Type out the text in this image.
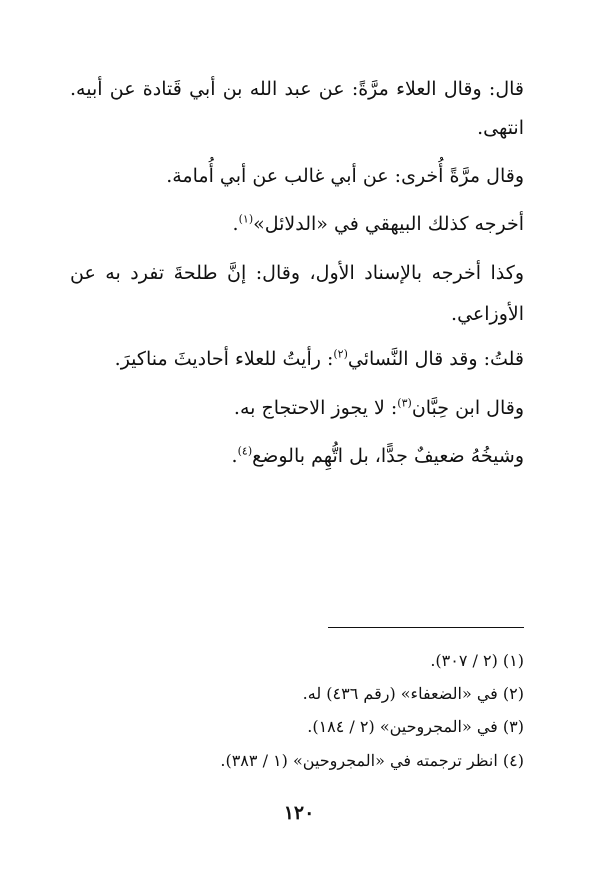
قال: وقال العلاء مرَّةً: عن عبد الله بن أبي قَتادة عن أبيه.
انتهى.
وقال مرَّةً أُخرى: عن أبي غالب عن أبي أُمامة.
أخرجه كذلك البيهقي في «الدلائل»$^{(١)}$.
وكذا أخرجه بالإسناد الأول، وقال: إنَّ طلحةَ تفرد به عن
الأوزاعي.
قلتُ: وقد قال النَّسائي$^{(٢)}$: رأيتُ للعلاء أحاديثَ مناكيرَ.
وقال ابن حِبَّان$^{(٣)}$: لا يجوز الاحتجاج به.
وشيخُهُ ضعيفٌ جدًّا، بل اتُّهِم بالوضع$^{(٤)}$.
(١) (٢ / ٣٠٧).
(٢) في «الضعفاء» (رقم ٤٣٦) له.
(٣) في «المجروحين» (٢ / ١٨٤).
(٤) انظر ترجمته في «المجروحين» (١ / ٣٨٣).
١٢٠
